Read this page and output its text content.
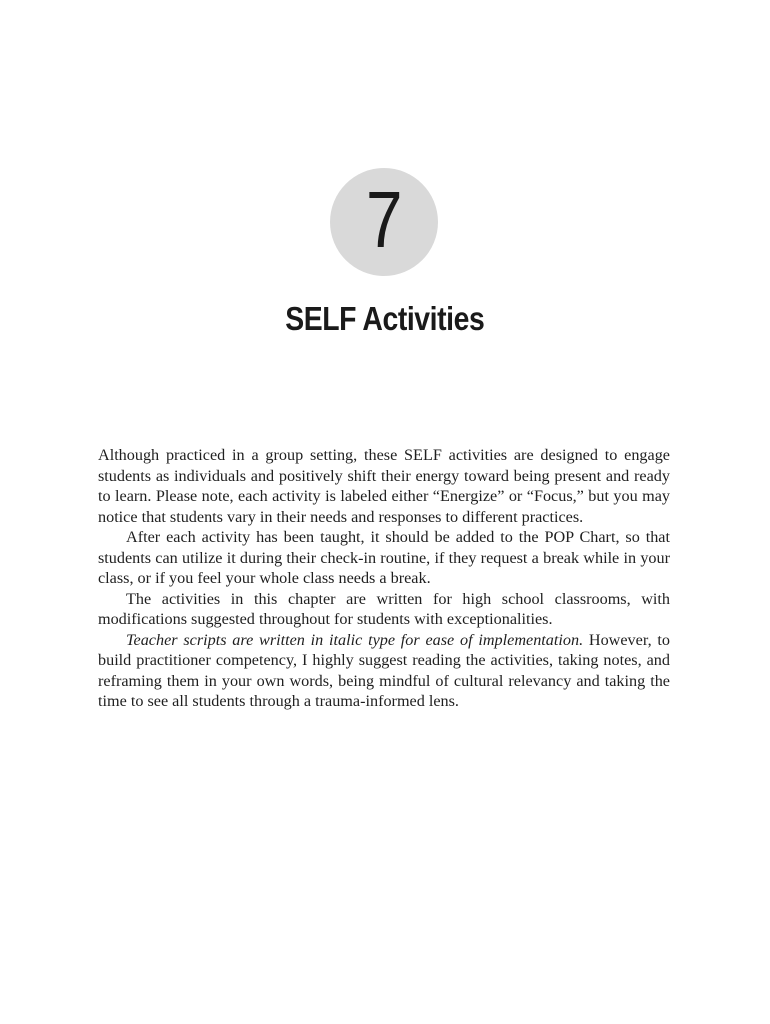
7
SELF Activities

Although practiced in a group setting, these SELF activities are designed to engage students as individuals and positively shift their energy toward being present and ready to learn. Please note, each activity is labeled either “Energize” or “Focus,” but you may notice that students vary in their needs and responses to different practices.

After each activity has been taught, it should be added to the POP Chart, so that students can utilize it during their check-in routine, if they request a break while in your class, or if you feel your whole class needs a break.

The activities in this chapter are written for high school classrooms, with modifications suggested throughout for students with exceptionalities.

Teacher scripts are written in italic type for ease of implementation. However, to build practitioner competency, I highly suggest reading the activities, taking notes, and reframing them in your own words, being mindful of cultural relevancy and taking the time to see all students through a trauma-informed lens.
